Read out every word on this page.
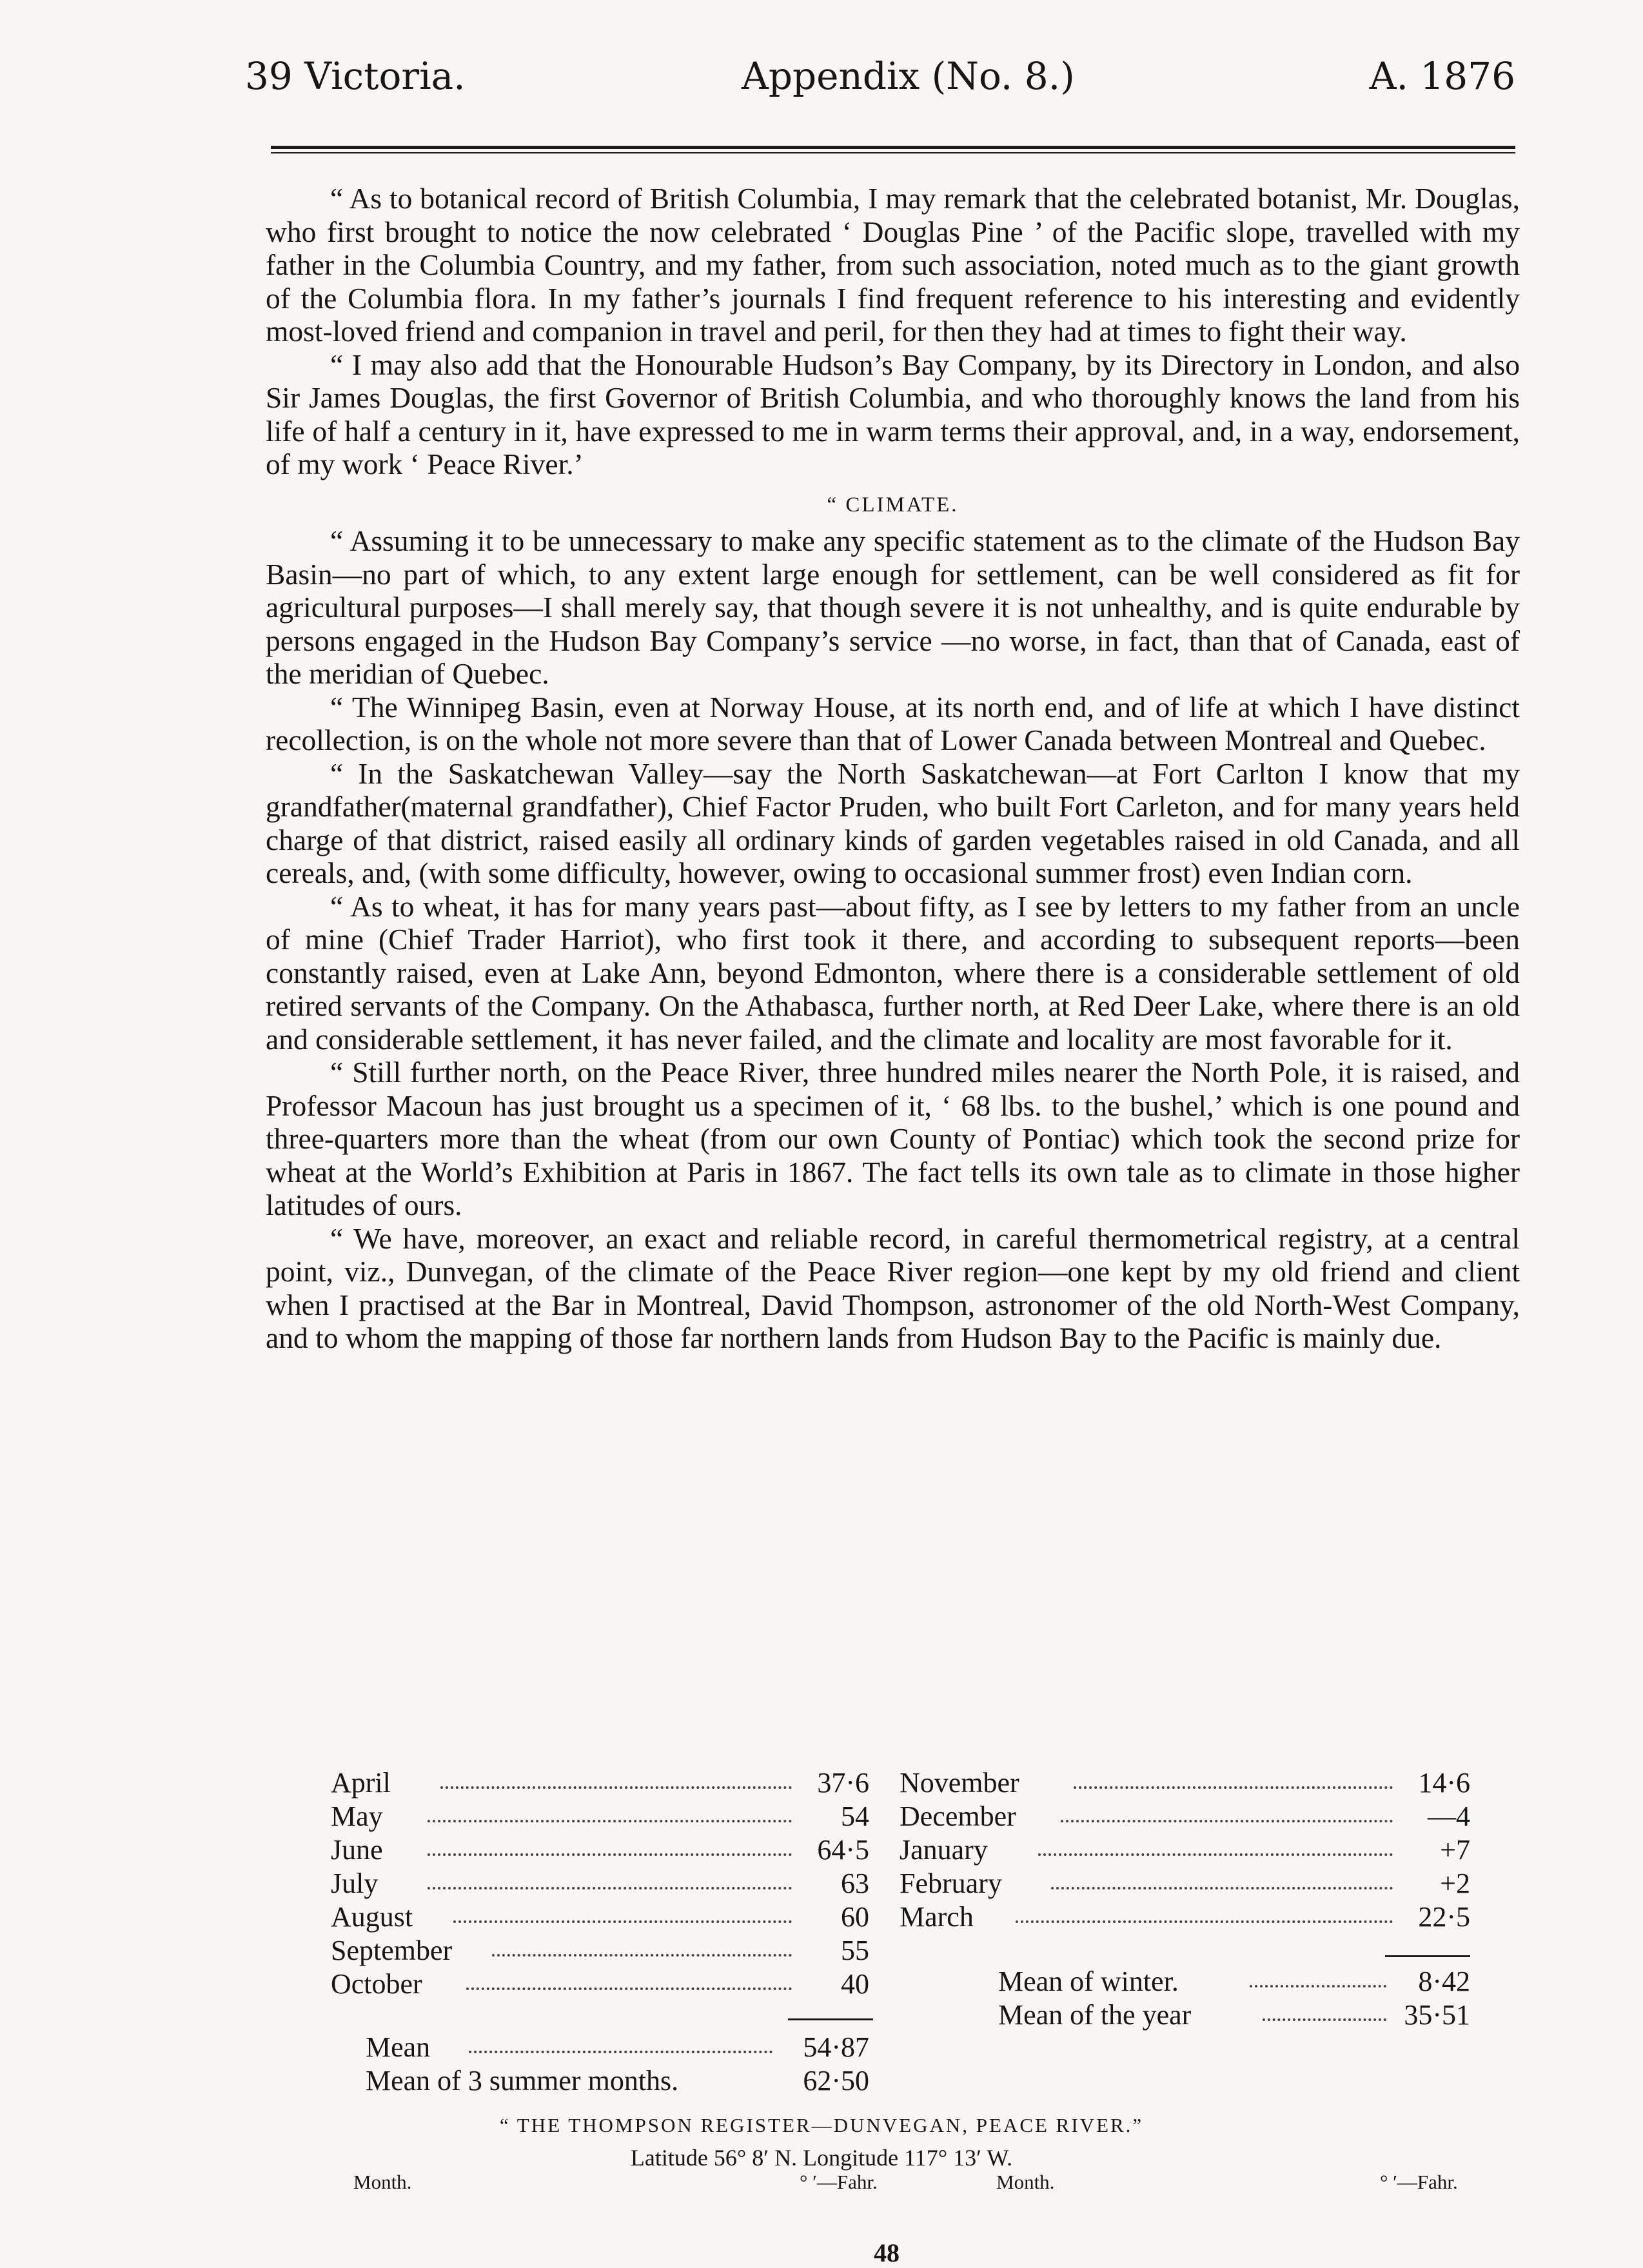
39 Victoria.	Appendix (No. 8.)	A. 1876

“ As to botanical record of British Columbia, I may remark that the celebrated botanist, Mr. Douglas, who first brought to notice the now celebrated ‘ Douglas Pine ’ of the Pacific slope, travelled with my father in the Columbia Country, and my father, from such association, noted much as to the giant growth of the Columbia flora. In my father’s journals I find frequent reference to his interesting and evidently most-loved friend and companion in travel and peril, for then they had at times to fight their way.

“ I may also add that the Honourable Hudson’s Bay Company, by its Directory in London, and also Sir James Douglas, the first Governor of British Columbia, and who thoroughly knows the land from his life of half a century in it, have expressed to me in warm terms their approval, and, in a way, endorsement, of my work ‘ Peace River.’

“ CLIMATE.

“ Assuming it to be unnecessary to make any specific statement as to the climate of the Hudson Bay Basin—no part of which, to any extent large enough for settlement, can be well considered as fit for agricultural purposes—I shall merely say, that though severe it is not unhealthy, and is quite endurable by persons engaged in the Hudson Bay Company’s service —no worse, in fact, than that of Canada, east of the meridian of Quebec.

“ The Winnipeg Basin, even at Norway House, at its north end, and of life at which I have distinct recollection, is on the whole not more severe than that of Lower Canada between Montreal and Quebec.

“ In the Saskatchewan Valley—say the North Saskatchewan—at Fort Carlton I know that my grandfather(maternal grandfather), Chief Factor Pruden, who built Fort Carleton, and for many years held charge of that district, raised easily all ordinary kinds of garden vegetables raised in old Canada, and all cereals, and, (with some difficulty, however, owing to occasional summer frost) even Indian corn.

“ As to wheat, it has for many years past—about fifty, as I see by letters to my father from an uncle of mine (Chief Trader Harriot), who first took it there, and according to subsequent reports—been constantly raised, even at Lake Ann, beyond Edmonton, where there is a considerable settlement of old retired servants of the Company. On the Athabasca, further north, at Red Deer Lake, where there is an old and considerable settlement, it has never failed, and the climate and locality are most favorable for it.

“ Still further north, on the Peace River, three hundred miles nearer the North Pole, it is raised, and Professor Macoun has just brought us a specimen of it, ‘ 68 lbs. to the bushel,’ which is one pound and three-quarters more than the wheat (from our own County of Pontiac) which took the second prize for wheat at the World’s Exhibition at Paris in 1867. The fact tells its own tale as to climate in those higher latitudes of ours.

“ We have, moreover, an exact and reliable record, in careful thermometrical registry, at a central point, viz., Dunvegan, of the climate of the Peace River region—one kept by my old friend and client when I practised at the Bar in Montreal, David Thompson, astronomer of the old North-West Company, and to whom the mapping of those far northern lands from Hudson Bay to the Pacific is mainly due.

“ THE THOMPSON REGISTER—DUNVEGAN, PEACE RIVER.”
Latitude 56° 8′ N. Longitude 117° 13′ W.
Month.	° ′—Fahr.	Month.	° ′—Fahr.
April	37·6
May	54
June	64·5
July	63
August	60
September	55
October	40
November	14·6
December	—4
January	+7
February	+2
March	22·5
Mean	54·87
Mean of 3 summer months.	62·50
Mean of winter.	8·42
Mean of the year	35·51
48
